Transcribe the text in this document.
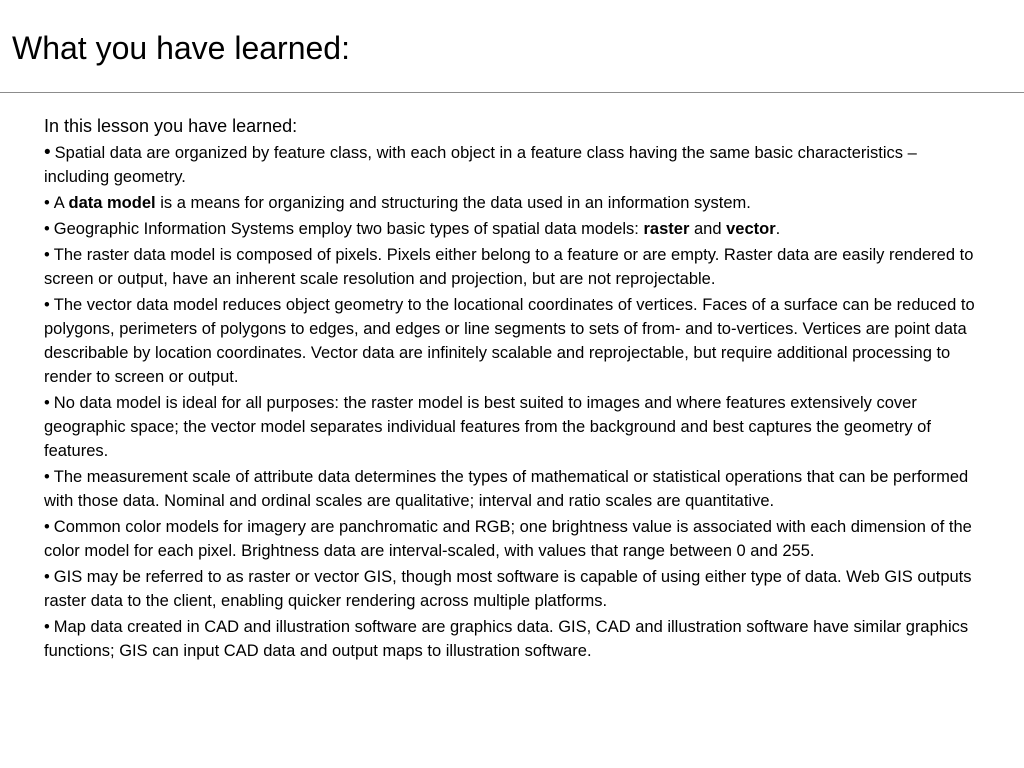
What you have learned:

In this lesson you have learned:

• Spatial data are organized by feature class, with each object in a feature class having the same basic characteristics – including geometry.
• A data model is a means for organizing and structuring the data used in an information system.
• Geographic Information Systems employ two basic types of spatial data models: raster and vector.
• The raster data model is composed of pixels. Pixels either belong to a feature or are empty. Raster data are easily rendered to screen or output, have an inherent scale resolution and projection, but are not reprojectable.
• The vector data model reduces object geometry to the locational coordinates of vertices. Faces of a surface can be reduced to polygons, perimeters of polygons to edges, and edges or line segments to sets of from- and to-vertices. Vertices are point data describable by location coordinates. Vector data are infinitely scalable and reprojectable, but require additional processing to render to screen or output.
• No data model is ideal for all purposes: the raster model is best suited to images and where features extensively cover geographic space; the vector model separates individual features from the background and best captures the geometry of features.
• The measurement scale of attribute data determines the types of mathematical or statistical operations that can be performed with those data. Nominal and ordinal scales are qualitative; interval and ratio scales are quantitative.
• Common color models for imagery are panchromatic and RGB; one brightness value is associated with each dimension of the color model for each pixel. Brightness data are interval-scaled, with values that range between 0 and 255.
• GIS may be referred to as raster or vector GIS, though most software is capable of using either type of data. Web GIS outputs raster data to the client, enabling quicker rendering across multiple platforms.
• Map data created in CAD and illustration software are graphics data. GIS, CAD and illustration software have similar graphics functions; GIS can input CAD data and output maps to illustration software.
